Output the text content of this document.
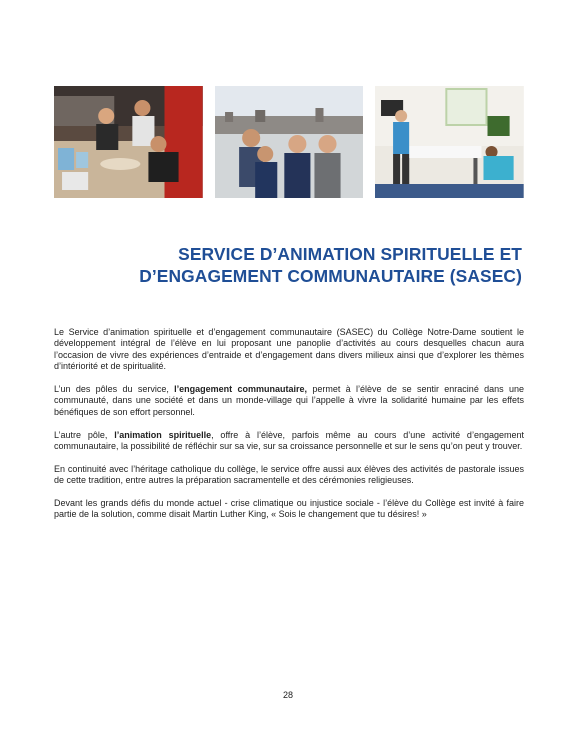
SERVICE D’ANIMATION SPIRITUELLE ET
D’ENGAGEMENT COMMUNAUTAIRE (SASEC)

Le Service d’animation spirituelle et d’engagement communautaire (SASEC) du Collège Notre-Dame soutient le développement intégral de l’élève en lui proposant une panoplie d’activités au cours desquelles chacun aura l’occasion de vivre des expériences d’entraide et d’engagement dans divers milieux ainsi que d’explorer les thèmes d’intériorité et de spiritualité.

L’un des pôles du service, l’engagement communautaire, permet à l’élève de se sentir enraciné dans une communauté, dans une société et dans un monde-village qui l’appelle à vivre la solidarité humaine par les effets bénéfiques de son effort personnel.

L’autre pôle, l’animation spirituelle, offre à l’élève, parfois même au cours d’une activité d’engagement communautaire, la possibilité de réfléchir sur sa vie, sur sa croissance personnelle et sur le sens qu’on peut y trouver.

En continuité avec l’héritage catholique du collège, le service offre aussi aux élèves des activités de pastorale issues de cette tradition, entre autres la préparation sacramentelle et des cérémonies religieuses.

Devant les grands défis du monde actuel - crise climatique ou injustice sociale - l’élève du Collège est invité à faire partie de la solution, comme disait Martin Luther King, « Sois le changement que tu désires! »

28
